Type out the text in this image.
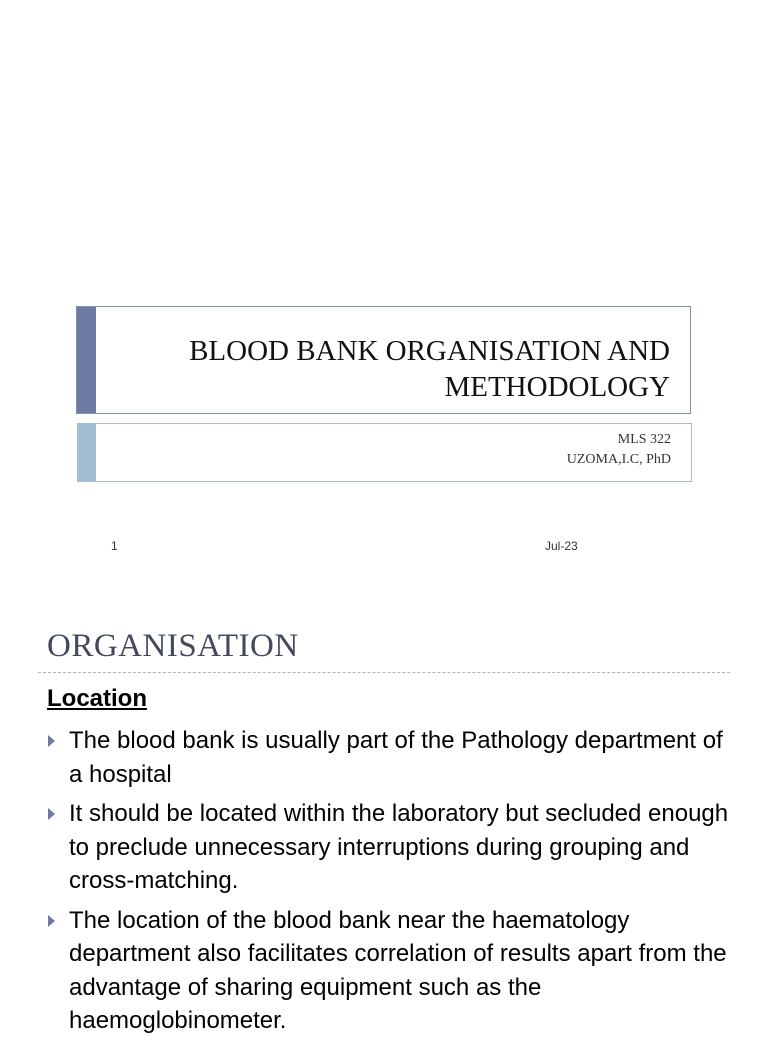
BLOOD BANK ORGANISATION AND
METHODOLOGY
MLS 322
UZOMA,I.C, PhD
1	Jul-23
ORGANISATION
Location
The blood bank is usually part of the Pathology department of a hospital
It should be located within the laboratory but secluded enough to preclude unnecessary interruptions during grouping and cross-matching.
The location of the blood bank near the haematology department also facilitates correlation of results apart from the advantage of sharing equipment such as the haemoglobinometer.
